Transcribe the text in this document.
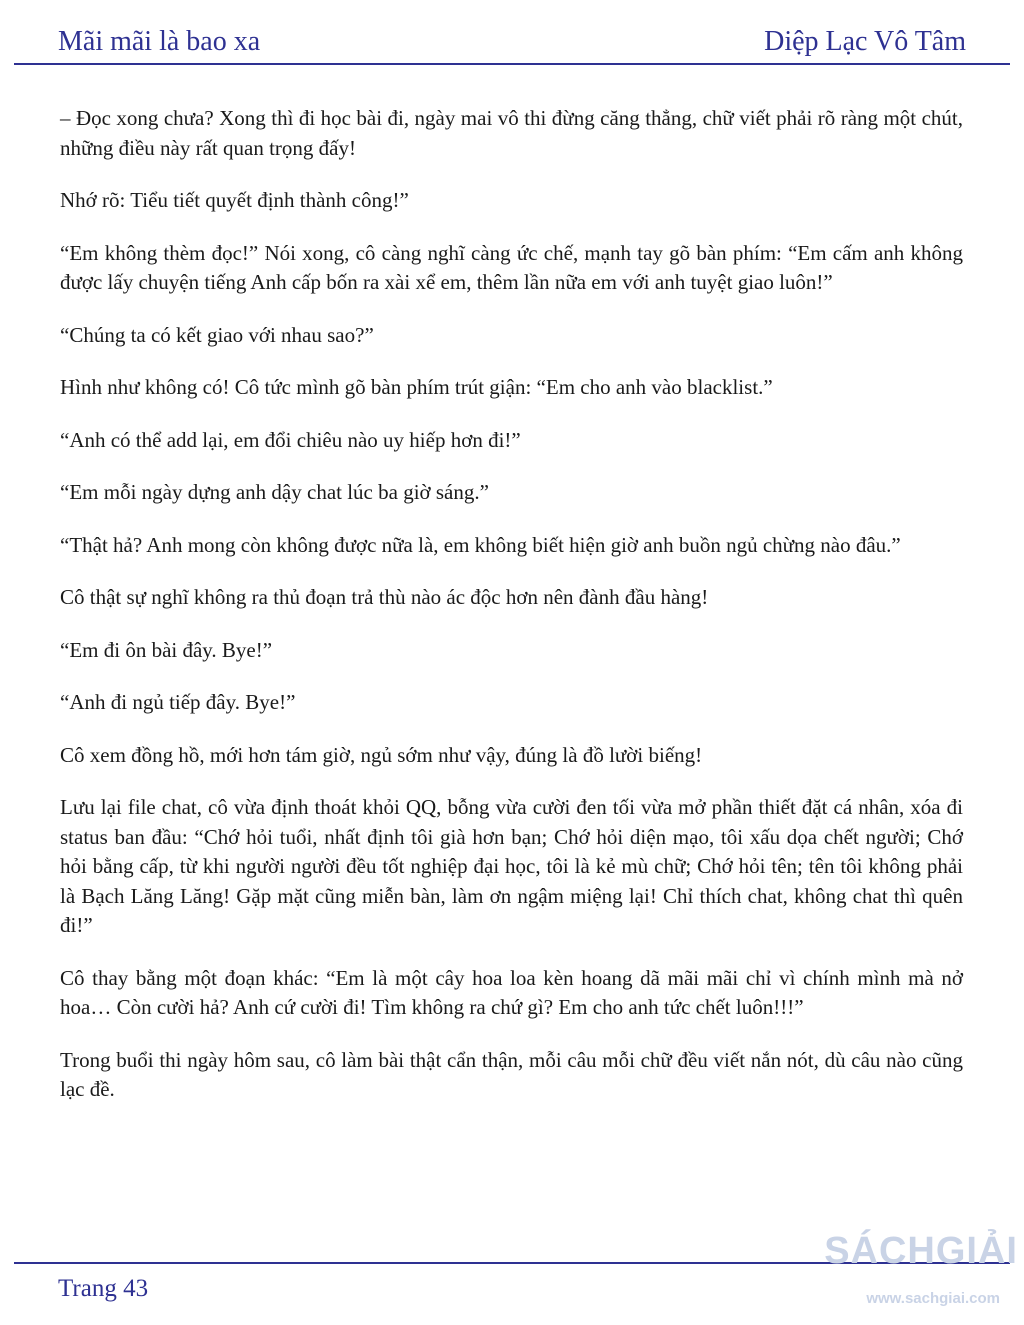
Mãi mãi là bao xa	Diệp Lạc Vô Tâm

– Đọc xong chưa? Xong thì đi học bài đi, ngày mai vô thi đừng căng thẳng, chữ viết phải rõ ràng một chút, những điều này rất quan trọng đấy!

Nhớ rõ: Tiểu tiết quyết định thành công!”

“Em không thèm đọc!” Nói xong, cô càng nghĩ càng ức chế, mạnh tay gõ bàn phím: “Em cấm anh không được lấy chuyện tiếng Anh cấp bốn ra xài xể em, thêm lần nữa em với anh tuyệt giao luôn!”

“Chúng ta có kết giao với nhau sao?”

Hình như không có! Cô tức mình gõ bàn phím trút giận: “Em cho anh vào blacklist.”

“Anh có thể add lại, em đổi chiêu nào uy hiếp hơn đi!”

“Em mỗi ngày dựng anh dậy chat lúc ba giờ sáng.”

“Thật hả? Anh mong còn không được nữa là, em không biết hiện giờ anh buồn ngủ chừng nào đâu.”

Cô thật sự nghĩ không ra thủ đoạn trả thù nào ác độc hơn nên đành đầu hàng!

“Em đi ôn bài đây. Bye!”

“Anh đi ngủ tiếp đây. Bye!”

Cô xem đồng hồ, mới hơn tám giờ, ngủ sớm như vậy, đúng là đồ lười biếng!

Lưu lại file chat, cô vừa định thoát khỏi QQ, bỗng vừa cười đen tối vừa mở phần thiết đặt cá nhân, xóa đi status ban đầu: “Chớ hỏi tuổi, nhất định tôi già hơn bạn; Chớ hỏi diện mạo, tôi xấu dọa chết người; Chớ hỏi bằng cấp, từ khi người người đều tốt nghiệp đại học, tôi là kẻ mù chữ; Chớ hỏi tên; tên tôi không phải là Bạch Lăng Lăng! Gặp mặt cũng miễn bàn, làm ơn ngậm miệng lại! Chỉ thích chat, không chat thì quên đi!”

Cô thay bằng một đoạn khác: “Em là một cây hoa loa kèn hoang dã mãi mãi chỉ vì chính mình mà nở hoa… Còn cười hả? Anh cứ cười đi! Tìm không ra chứ gì? Em cho anh tức chết luôn!!!”

Trong buổi thi ngày hôm sau, cô làm bài thật cẩn thận, mỗi câu mỗi chữ đều viết nắn nót, dù câu nào cũng lạc đề.

Trang 43
SÁCHGIẢI
www.sachgiai.com
